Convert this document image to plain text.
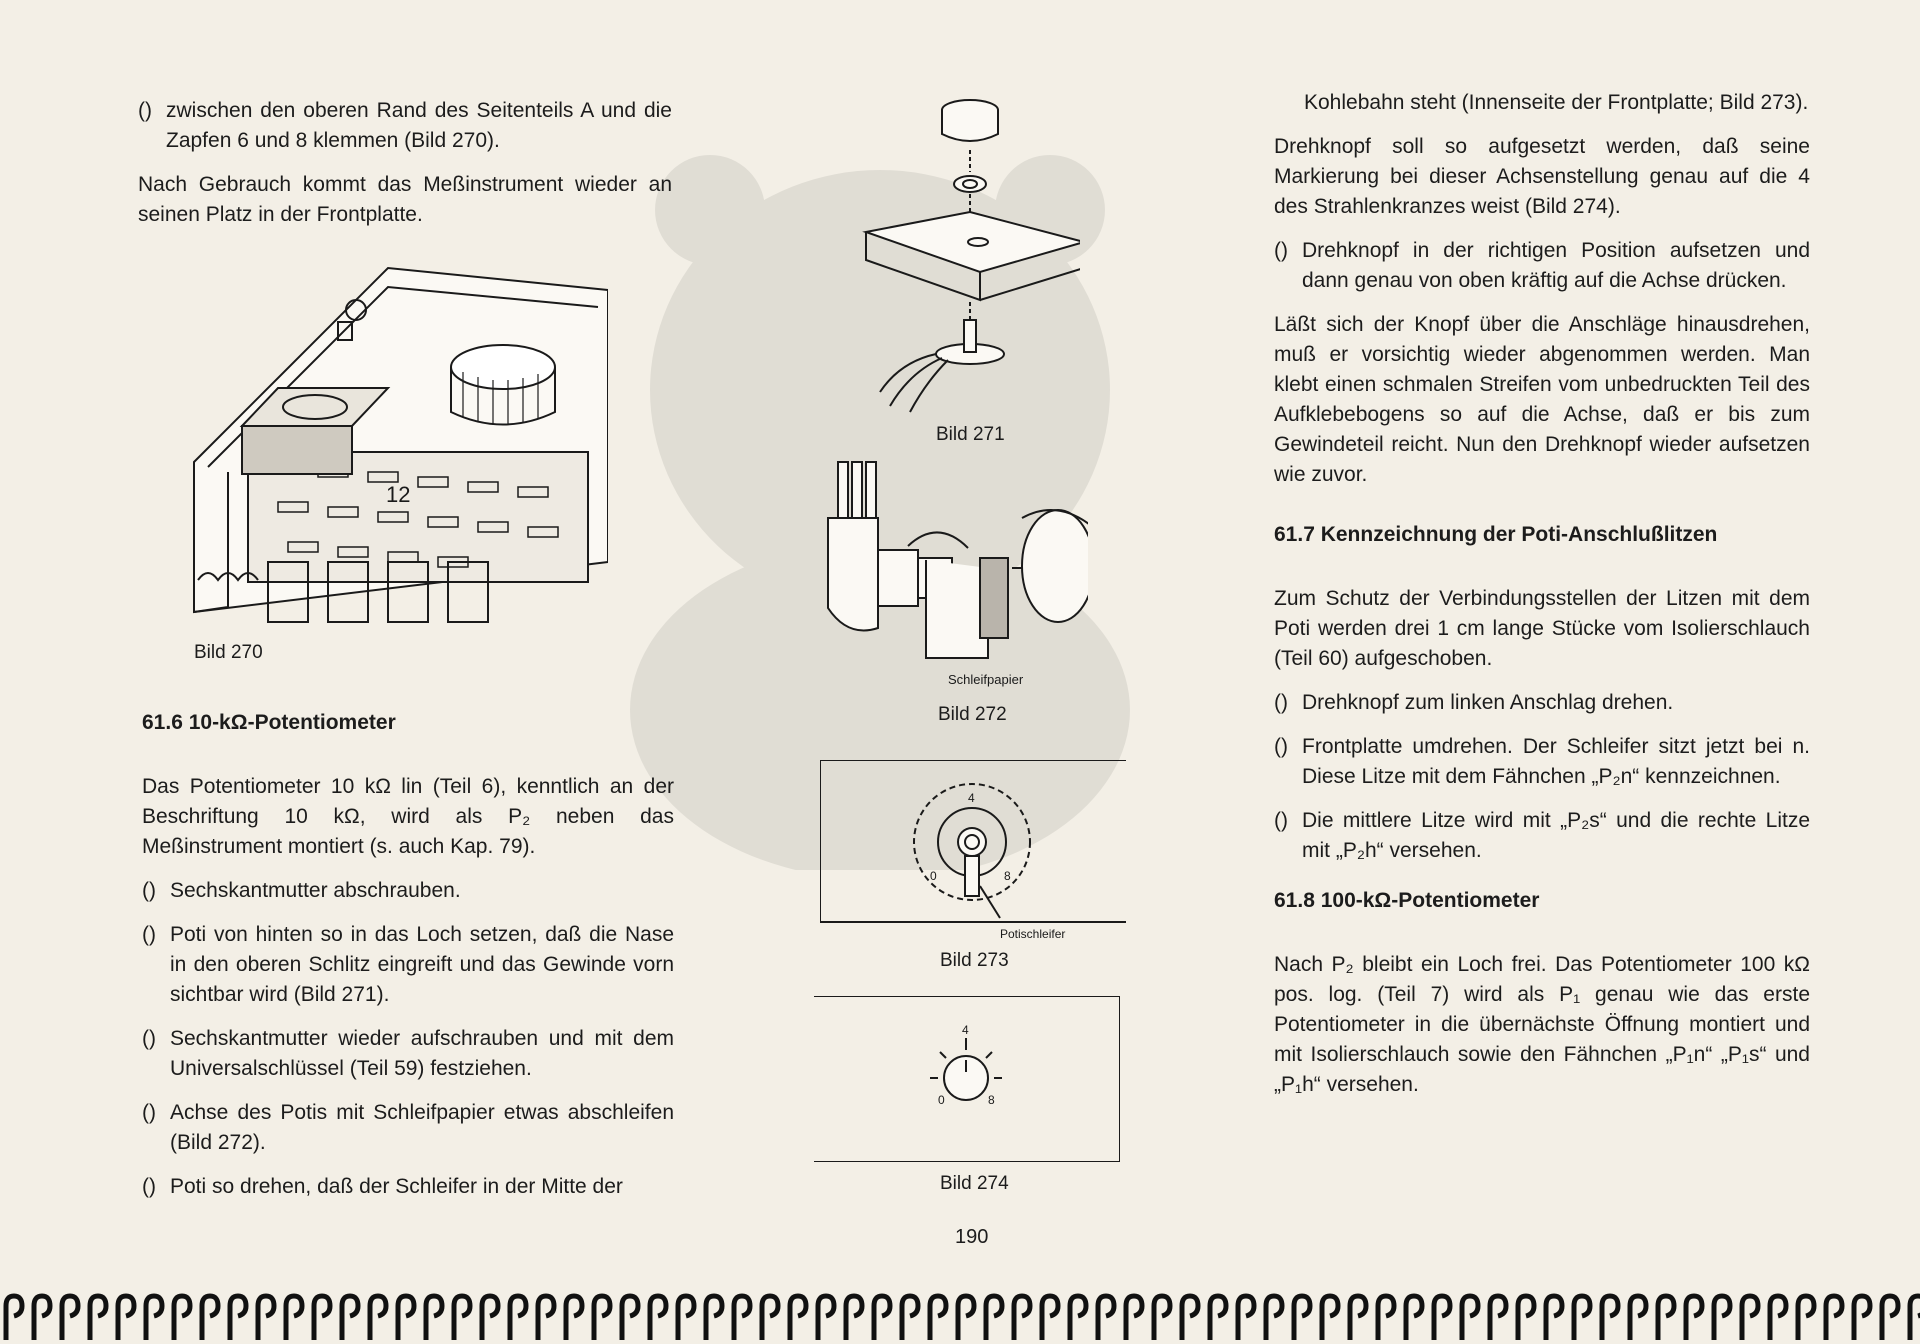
() zwischen den oberen Rand des Seitenteils A und die Zapfen 6 und 8 klemmen (Bild 270).

Nach Gebrauch kommt das Meßinstrument wieder an seinen Platz in der Frontplatte.

12
Bild 270
61.6 10-kΩ-Potentiometer

Das Potentiometer 10 kΩ lin (Teil 6), kenntlich an der Beschriftung 10 kΩ, wird als P₂ neben das Meßinstrument montiert (s. auch Kap. 79).

() Sechskantmutter abschrauben.
() Poti von hinten so in das Loch setzen, daß die Nase in den oberen Schlitz eingreift und das Gewinde vorn sichtbar wird (Bild 271).
() Sechskantmutter wieder aufschrauben und mit dem Universalschlüssel (Teil 59) festziehen.
() Achse des Potis mit Schleifpapier etwas abschleifen (Bild 272).
() Poti so drehen, daß der Schleifer in der Mitte der
Bild 271
Schleifpapier
Bild 272
4
0	8
Potischleifer
Bild 273
4
0	8
Bild 274

Kohlebahn steht (Innenseite der Frontplatte; Bild 273).

Drehknopf soll so aufgesetzt werden, daß seine Markierung bei dieser Achsenstellung genau auf die 4 des Strahlenkranzes weist (Bild 274).

() Drehknopf in der richtigen Position aufsetzen und dann genau von oben kräftig auf die Achse drücken.

Läßt sich der Knopf über die Anschläge hinausdrehen, muß er vorsichtig wieder abgenommen werden. Man klebt einen schmalen Streifen vom unbedruckten Teil des Aufklebebogens so auf die Achse, daß er bis zum Gewindeteil reicht. Nun den Drehknopf wieder aufsetzen wie zuvor.

61.7 Kennzeichnung der Poti-Anschlußlitzen

Zum Schutz der Verbindungsstellen der Litzen mit dem Poti werden drei 1 cm lange Stücke vom Isolierschlauch (Teil 60) aufgeschoben.

() Drehknopf zum linken Anschlag drehen.
() Frontplatte umdrehen. Der Schleifer sitzt jetzt bei n. Diese Litze mit dem Fähnchen „P₂n“ kennzeichnen.
() Die mittlere Litze wird mit „P₂s“ und die rechte Litze mit „P₂h“ versehen.
61.8 100-kΩ-Potentiometer

Nach P₂ bleibt ein Loch frei. Das Potentiometer 100 kΩ pos. log. (Teil 7) wird als P₁ genau wie das erste Potentiometer in die übernächste Öffnung montiert und mit Isolierschlauch sowie den Fähnchen „P₁n“ „P₁s“ und „P₁h“ versehen.

190
